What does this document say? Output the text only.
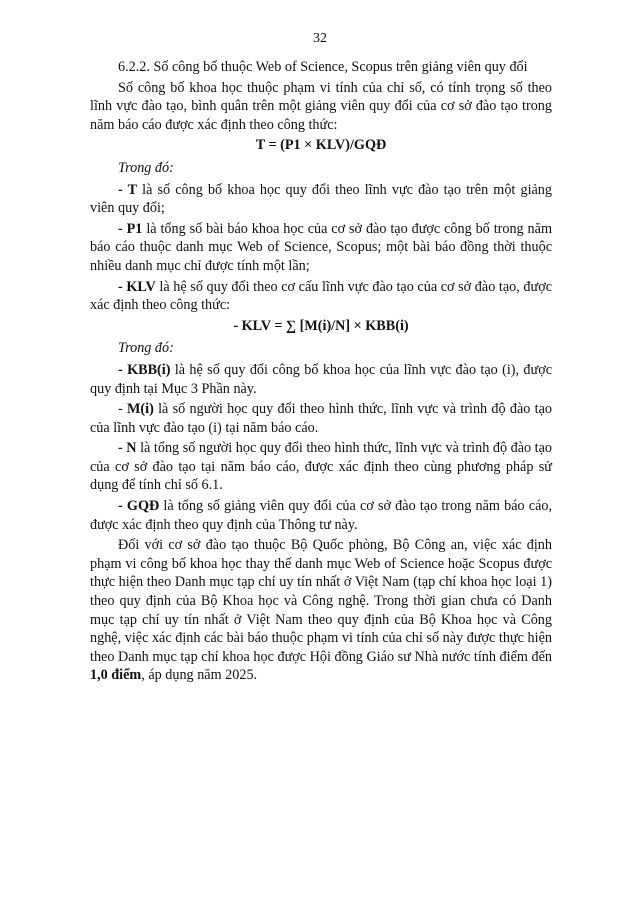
32

6.2.2. Số công bố thuộc Web of Science, Scopus trên giảng viên quy đổi

Số công bố khoa học thuộc phạm vi tính của chỉ số, có tính trọng số theo lĩnh vực đào tạo, bình quân trên một giảng viên quy đổi của cơ sở đào tạo trong năm báo cáo được xác định theo công thức:

T = (P1 × KLV)/GQĐ
Trong đó:

- T là số công bố khoa học quy đổi theo lĩnh vực đào tạo trên một giảng viên quy đổi;

- P1 là tổng số bài báo khoa học của cơ sở đào tạo được công bố trong năm báo cáo thuộc danh mục Web of Science, Scopus; một bài báo đồng thời thuộc nhiều danh mục chỉ được tính một lần;

- KLV là hệ số quy đổi theo cơ cấu lĩnh vực đào tạo của cơ sở đào tạo, được xác định theo công thức:

- KLV = ∑ [M(i)/N] × KBB(i)
Trong đó:

- KBB(i) là hệ số quy đổi công bố khoa học của lĩnh vực đào tạo (i), được quy định tại Mục 3 Phần này.

- M(i) là số người học quy đổi theo hình thức, lĩnh vực và trình độ đào tạo của lĩnh vực đào tạo (i) tại năm báo cáo.

- N là tổng số người học quy đổi theo hình thức, lĩnh vực và trình độ đào tạo của cơ sở đào tạo tại năm báo cáo, được xác định theo cùng phương pháp sử dụng để tính chỉ số 6.1.

- GQĐ là tổng số giảng viên quy đổi của cơ sở đào tạo trong năm báo cáo, được xác định theo quy định của Thông tư này.

Đối với cơ sở đào tạo thuộc Bộ Quốc phòng, Bộ Công an, việc xác định phạm vi công bố khoa học thay thế danh mục Web of Science hoặc Scopus được thực hiện theo Danh mục tạp chí uy tín nhất ở Việt Nam (tạp chí khoa học loại 1) theo quy định của Bộ Khoa học và Công nghệ. Trong thời gian chưa có Danh mục tạp chí uy tín nhất ở Việt Nam theo quy định của Bộ Khoa học và Công nghệ, việc xác định các bài báo thuộc phạm vi tính của chỉ số này được thực hiện theo Danh mục tạp chí khoa học được Hội đồng Giáo sư Nhà nước tính điểm đến 1,0 điểm, áp dụng năm 2025.
